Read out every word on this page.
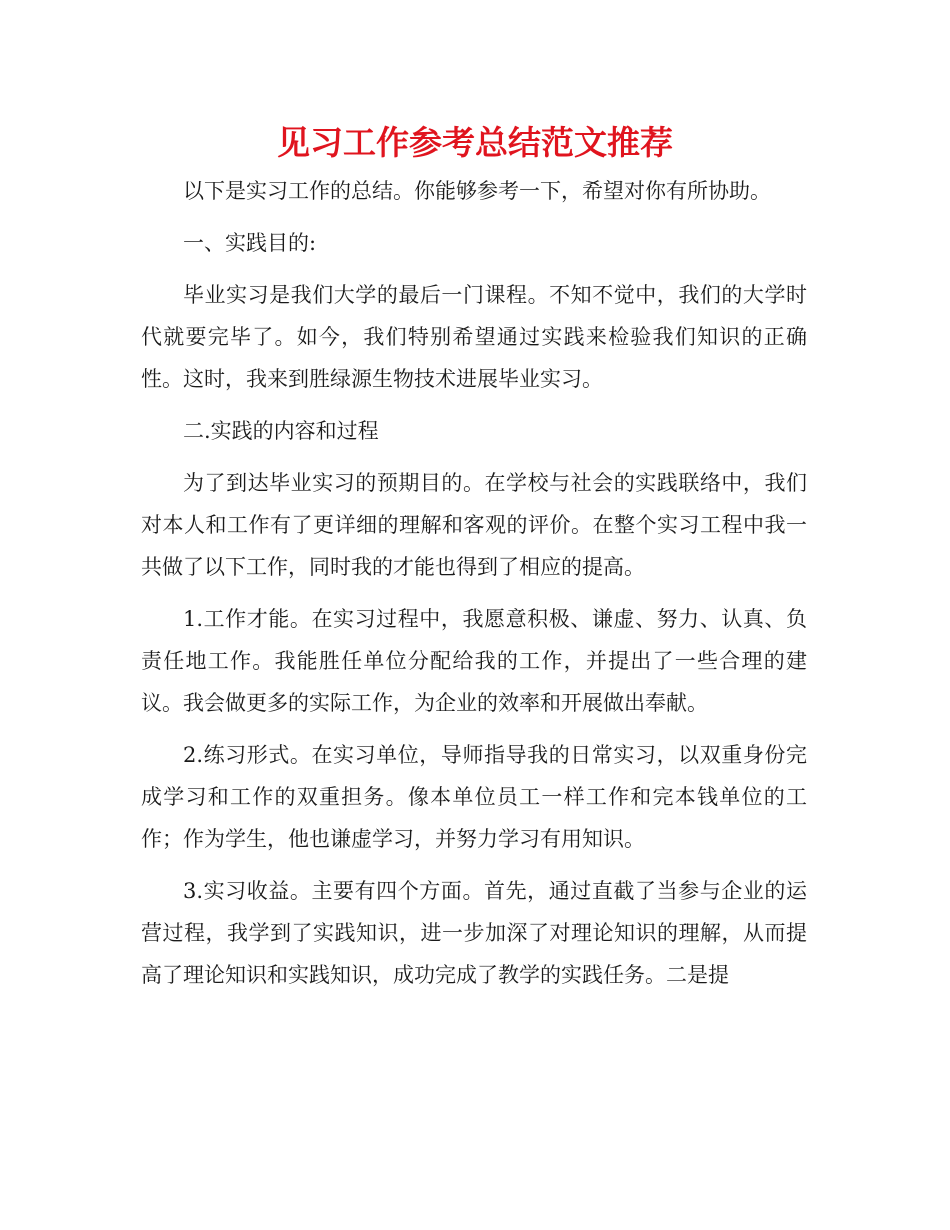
见习工作参考总结范文推荐

以下是实习工作的总结。你能够参考一下，希望对你有所协助。

一、实践目的:

毕业实习是我们大学的最后一门课程。不知不觉中，我们的大学时代就要完毕了。如今，我们特别希望通过实践来检验我们知识的正确性。这时，我来到胜绿源生物技术进展毕业实习。

二.实践的内容和过程

为了到达毕业实习的预期目的。在学校与社会的实践联络中，我们对本人和工作有了更详细的理解和客观的评价。在整个实习工程中我一共做了以下工作，同时我的才能也得到了相应的提高。

1.工作才能。在实习过程中，我愿意积极、谦虚、努力、认真、负责任地工作。我能胜任单位分配给我的工作，并提出了一些合理的建议。我会做更多的实际工作，为企业的效率和开展做出奉献。

2.练习形式。在实习单位，导师指导我的日常实习，以双重身份完成学习和工作的双重担务。像本单位员工一样工作和完本钱单位的工作；作为学生，他也谦虚学习，并努力学习有用知识。

3.实习收益。主要有四个方面。首先，通过直截了当参与企业的运营过程，我学到了实践知识，进一步加深了对理论知识的理解，从而提高了理论知识和实践知识，成功完成了教学的实践任务。二是提
